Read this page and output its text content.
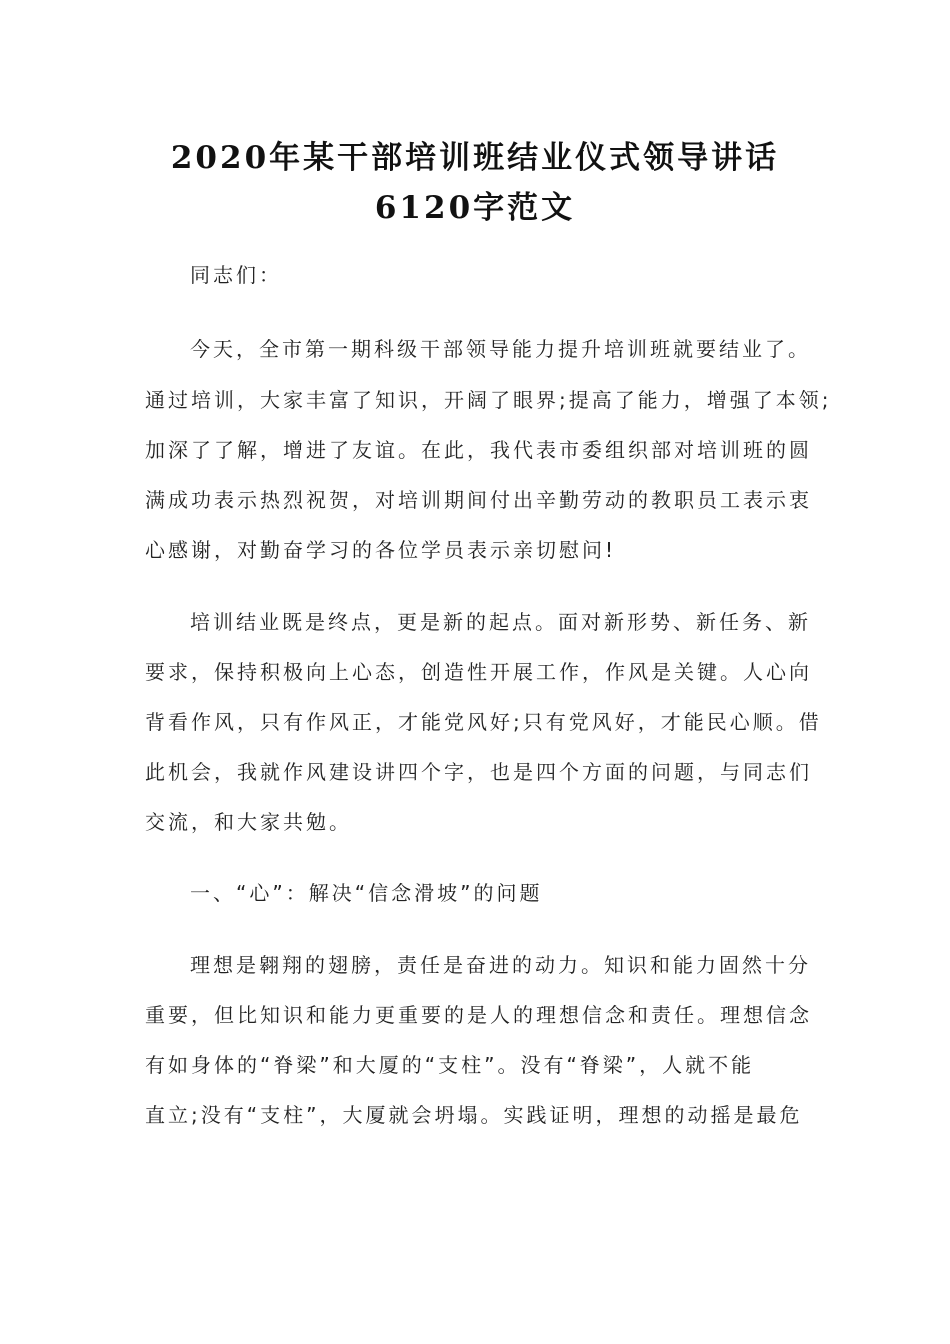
2020年某干部培训班结业仪式领导讲话
6120字范文
同志们：
今天，全市第一期科级干部领导能力提升培训班就要结业了。
通过培训，大家丰富了知识，开阔了眼界;提高了能力，增强了本领;
加深了了解，增进了友谊。在此，我代表市委组织部对培训班的圆
满成功表示热烈祝贺，对培训期间付出辛勤劳动的教职员工表示衷
心感谢，对勤奋学习的各位学员表示亲切慰问!
培训结业既是终点，更是新的起点。面对新形势、新任务、新
要求，保持积极向上心态，创造性开展工作，作风是关键。人心向
背看作风，只有作风正，才能党风好;只有党风好，才能民心顺。借
此机会，我就作风建设讲四个字，也是四个方面的问题，与同志们
交流，和大家共勉。
一、“心”：解决“信念滑坡”的问题
理想是翱翔的翅膀，责任是奋进的动力。知识和能力固然十分
重要，但比知识和能力更重要的是人的理想信念和责任。理想信念
有如身体的“脊梁”和大厦的“支柱”。没有“脊梁”，人就不能
直立;没有“支柱”，大厦就会坍塌。实践证明，理想的动摇是最危
